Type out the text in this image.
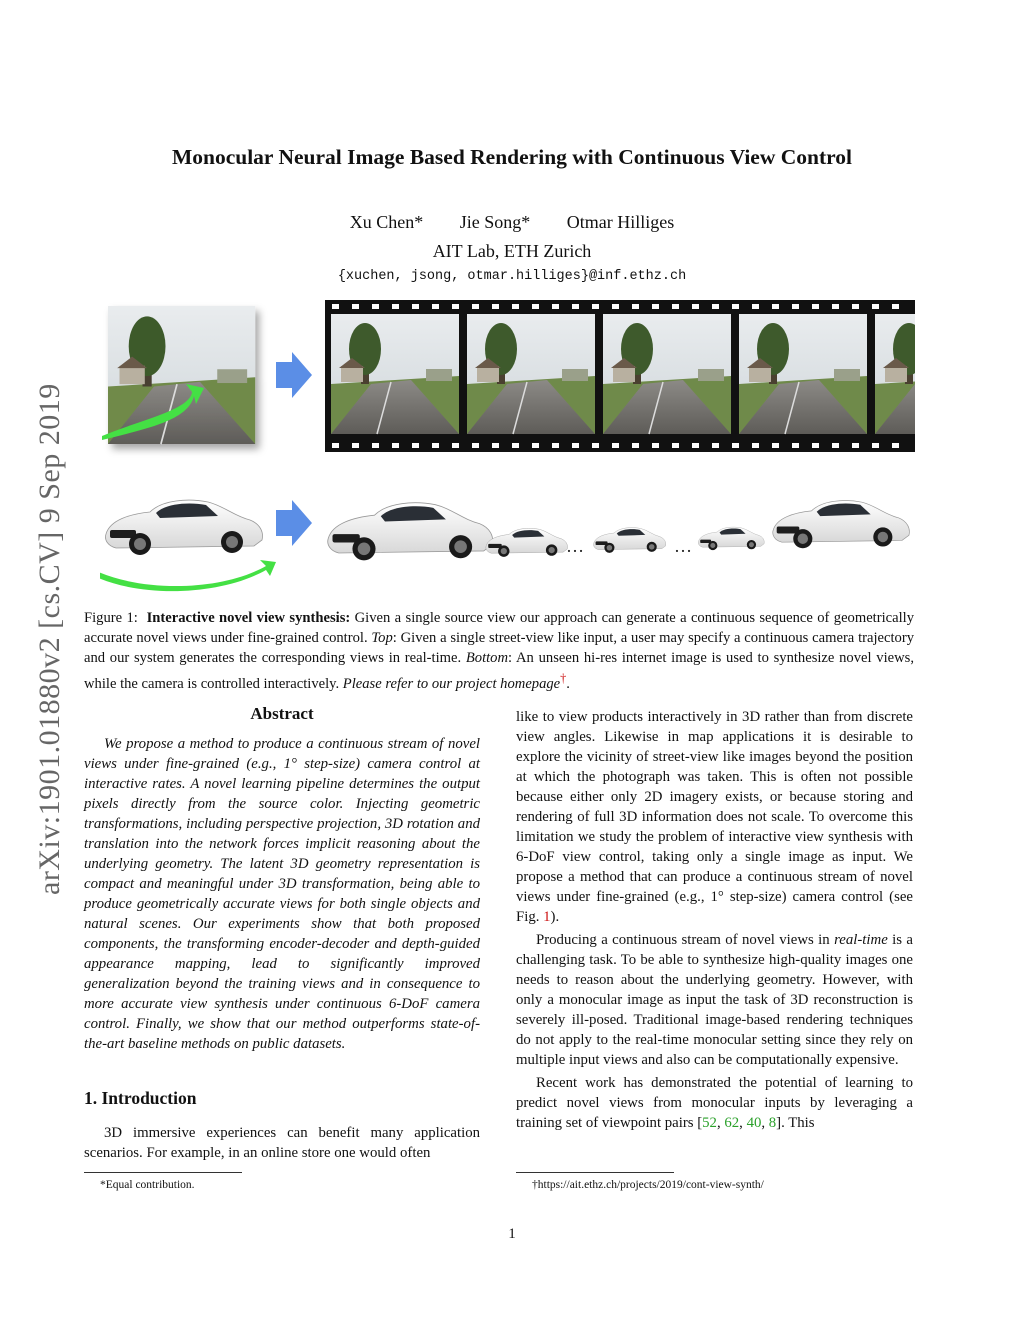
Monocular Neural Image Based Rendering with Continuous View Control
Xu Chen* Jie Song* Otmar Hilliges
AIT Lab, ETH Zurich
{xuchen, jsong, otmar.hilliges}@inf.ethz.ch
arXiv:1901.01880v2 [cs.CV] 9 Sep 2019	…	…
Figure 1: Interactive novel view synthesis: Given a single source view our approach can generate a continuous sequence of geometrically accurate novel views under fine-grained control. Top: Given a single street-view like input, a user may specify a continuous camera trajectory and our system generates the corresponding views in real-time. Bottom: An unseen hi-res internet image is used to synthesize novel views, while the camera is controlled interactively. Please refer to our project homepage†.
Abstract

We propose a method to produce a continuous stream of novel views under fine-grained (e.g., 1° step-size) camera control at interactive rates. A novel learning pipeline determines the output pixels directly from the source color. Injecting geometric transformations, including perspective projection, 3D rotation and translation into the network forces implicit reasoning about the underlying geometry. The latent 3D geometry representation is compact and meaningful under 3D transformation, being able to produce geometrically accurate views for both single objects and natural scenes. Our experiments show that both proposed components, the transforming encoder-decoder and depth-guided appearance mapping, lead to significantly improved generalization beyond the training views and in consequence to more accurate view synthesis under continuous 6-DoF camera control. Finally, we show that our method outperforms state-of-the-art baseline methods on public datasets.

1. Introduction

3D immersive experiences can benefit many application scenarios. For example, in an online store one would often

*Equal contribution.

like to view products interactively in 3D rather than from discrete view angles. Likewise in map applications it is desirable to explore the vicinity of street-view like images beyond the position at which the photograph was taken. This is often not possible because either only 2D imagery exists, or because storing and rendering of full 3D information does not scale. To overcome this limitation we study the problem of interactive view synthesis with 6-DoF view control, taking only a single image as input. We propose a method that can produce a continuous stream of novel views under fine-grained (e.g., 1° step-size) camera control (see Fig. 1).

Producing a continuous stream of novel views in real-time is a challenging task. To be able to synthesize high-quality images one needs to reason about the underlying geometry. However, with only a monocular image as input the task of 3D reconstruction is severely ill-posed. Traditional image-based rendering techniques do not apply to the real-time monocular setting since they rely on multiple input views and also can be computationally expensive.

Recent work has demonstrated the potential of learning to predict novel views from monocular inputs by leveraging a training set of viewpoint pairs [52, 62, 40, 8]. This

†https://ait.ethz.ch/projects/2019/cont-view-synth/
1
